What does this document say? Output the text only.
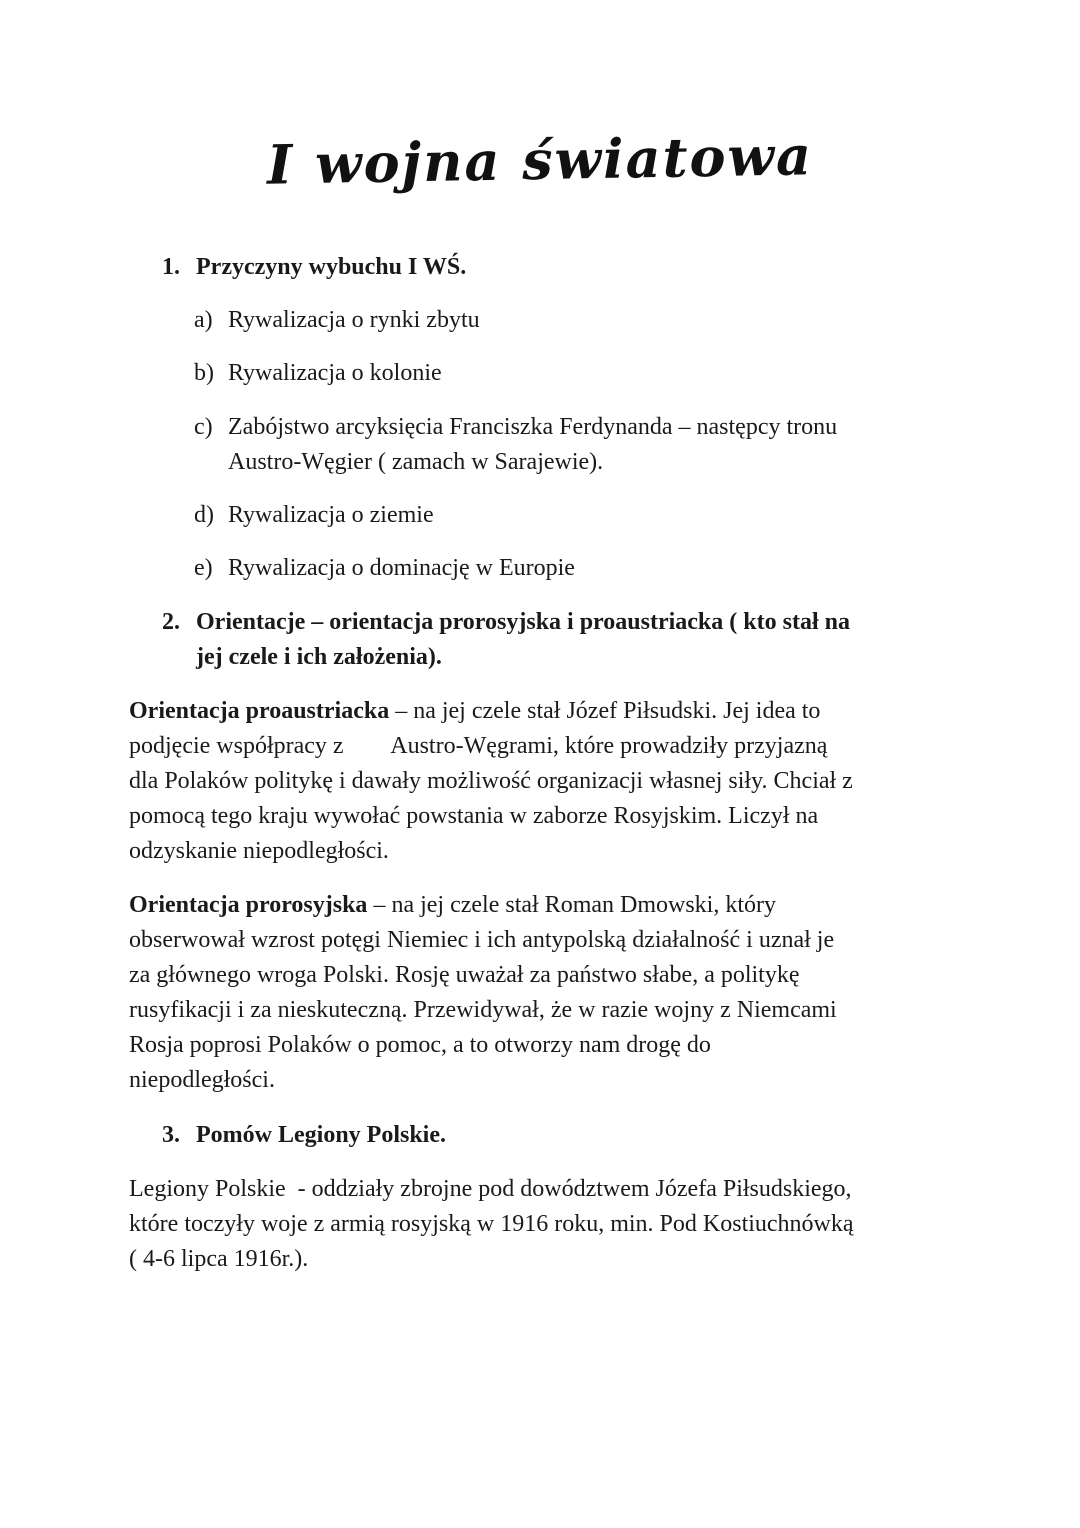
I wojna światowa
1. Przyczyny wybuchu I WŚ.
a) Rywalizacja o rynki zbytu
b) Rywalizacja o kolonie
c) Zabójstwo arcyksięcia Franciszka Ferdynanda – następcy tronu
Austro-Węgier ( zamach w Sarajewie).
d) Rywalizacja o ziemie
e) Rywalizacja o dominację w Europie
2. Orientacje – orientacja prorosyjska i proaustriacka ( kto stał na
jej czele i ich założenia).
Orientacja proaustriacka – na jej czele stał Józef Piłsudski. Jej idea to
podjęcie współpracy z        Austro-Węgrami, które prowadziły przyjazną
dla Polaków politykę i dawały możliwość organizacji własnej siły. Chciał z
pomocą tego kraju wywołać powstania w zaborze Rosyjskim. Liczył na
odzyskanie niepodległości.
Orientacja prorosyjska – na jej czele stał Roman Dmowski, który
obserwował wzrost potęgi Niemiec i ich antypolską działalność i uznał je
za głównego wroga Polski. Rosję uważał za państwo słabe, a politykę
rusyfikacji i za nieskuteczną. Przewidywał, że w razie wojny z Niemcami
Rosja poprosi Polaków o pomoc, a to otworzy nam drogę do
niepodległości.
3. Pomów Legiony Polskie.
Legiony Polskie  - oddziały zbrojne pod dowództwem Józefa Piłsudskiego,
które toczyły woje z armią rosyjską w 1916 roku, min. Pod Kostiuchnówką
( 4-6 lipca 1916r.).
